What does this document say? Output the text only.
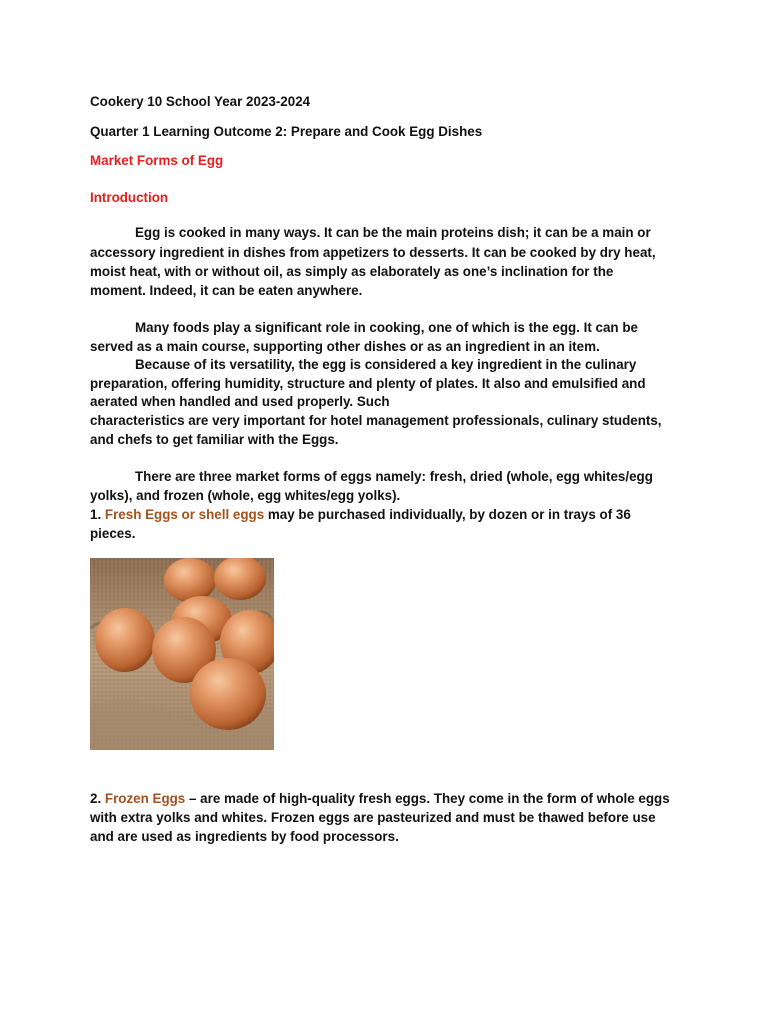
Cookery 10 School Year 2023-2024

Quarter 1 Learning Outcome 2: Prepare and Cook Egg Dishes

Market Forms of Egg

Introduction

Egg is cooked in many ways. It can be the main proteins dish; it can be a main or

accessory ingredient in dishes from appetizers to desserts. It can be cooked by dry heat,

moist heat, with or without oil, as simply as elaborately as one’s inclination for the

moment. Indeed, it can be eaten anywhere.

Many foods play a significant role in cooking, one of which is the egg. It can be

served as a main course, supporting other dishes or as an ingredient in an item.

Because of its versatility, the egg is considered a key ingredient in the culinary

preparation, offering humidity, structure and plenty of plates. It also and emulsified and

aerated when handled and used properly. Such

characteristics are very important for hotel management professionals, culinary students,

and chefs to get familiar with the Eggs.

There are three market forms of eggs namely: fresh, dried (whole, egg whites/egg

yolks), and frozen (whole, egg whites/egg yolks).

1. Fresh Eggs or shell eggs may be purchased individually, by dozen or in trays of 36

pieces.

2. Frozen Eggs – are made of high-quality fresh eggs. They come in the form of whole eggs

with extra yolks and whites. Frozen eggs are pasteurized and must be thawed before use

and are used as ingredients by food processors.
